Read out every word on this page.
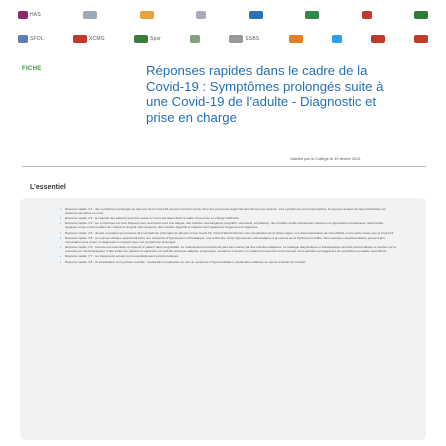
HAS
SFOL	XCMG	Spsr	SSBS
FICHE	Réponses rapides dans le cadre de la Covid-19 : Symptômes prolongés suite à une Covid-19 de l’adulte - Diagnostic et prise en charge
Validée par le Collège le 10 février 2021
L’essentiel

▪ Réponse rapide n°1 : des symptômes prolongés au décours de la Covid-19 peuvent survenir même chez des personnes ayant fait des formes peu sévères. Ces symptômes sont polymorphes, ils peuvent évoluer de façon fluctuante sur plusieurs semaines ou mois.

▪ Réponse rapide n°2 : la majorité des patients peut être suivie en soins primaires dans le cadre d’une prise en charge habituelle.

▪ Réponse rapide n°3 : les symptômes les plus fréquemment rencontrés sont une fatigue, des troubles neurologiques (cognitifs, sensoriels, céphalées), des troubles cardio-thoraciques (douleurs et oppressions thoraciques, tachycardie, dyspnée, toux) et des troubles de l’odorat et du goût. Des douleurs, des troubles digestifs et cutanés sont également fréquemment rapportés.

▪ Réponse rapide n°4 : devant un patient qui présente des symptômes prolongés au décours d’une Covid-19, il faut d’abord éliminer une complication de la phase aiguë, une décompensation de comorbidité et une autre cause que la Covid-19.

▪ Réponse rapide n°5 : un examen clinique approfondi (dont une recherche d’hypotension orthostatique, une recherche d’une hypotension orthostatique et la mesure de la SpO2) peut suffire. Des examens complémentaires peuvent être nécessaires pour poser un diagnostic en rapport avec ces symptômes prolongés.

▪ Réponse rapide n°6 : l’écoute est essentielle et explorer le patient dans sa globalité. Le retentissement fonctionnel peut être évalué par des échelles adaptées. La stratégie diagnostique et thérapeutique doit être personnalisée et centrée sur la personne en l’accompagnant. Il faut inciter les patients à reprendre une activité physique adaptée, progressive, encadrée si besoin, en évitant les exercices trop intenses et les activités qui aggravent les symptômes (malaise post-effort).

▪ Réponse rapide n°7 : les traitements actuels sont essentiellement symptomatiques.

▪ Réponse rapide n°8 : la réévaluation à une phase centrale : rééducation respiratoire en cas de syndrome d’hyperventilation, rééducation olfactive en cas de troubles de l’odorat.
